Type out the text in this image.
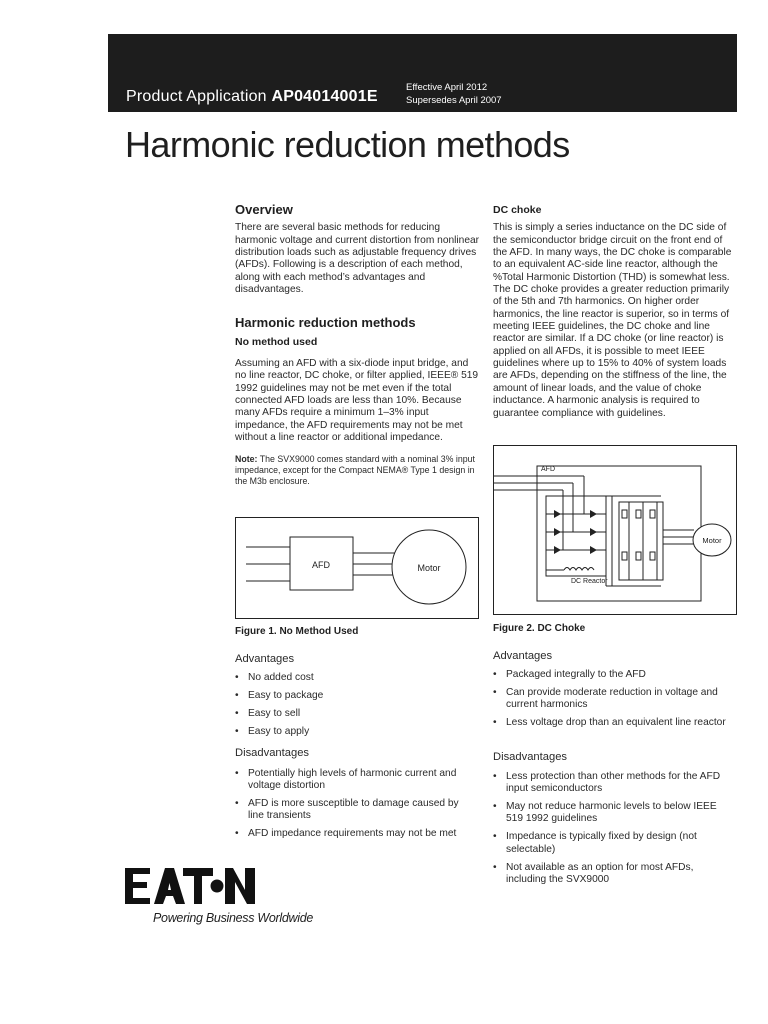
Product Application AP04014001E
Effective April 2012
Supersedes April 2007
Harmonic reduction methods
Overview

There are several basic methods for reducing harmonic voltage and current distortion from nonlinear distribution loads such as adjustable frequency drives (AFDs). Following is a description of each method, along with each method’s advantages and disadvantages.

Harmonic reduction methods
No method used

Assuming an AFD with a six-diode input bridge, and no line reactor, DC choke, or filter applied, IEEE® 519 1992 guidelines may not be met even if the total connected AFD loads are less than 10%. Because many AFDs require a minimum 1–3% input impedance, the AFD requirements may not be met without a line reactor or additional impedance.

Note: The SVX9000 comes standard with a nominal 3% input impedance, except for the Compact NEMA® Type 1 design in the M3b enclosure.

AFD	Motor
Figure 1. No Method Used
Advantages
• No added cost
• Easy to package
• Easy to sell
• Easy to apply
Disadvantages
• Potentially high levels of harmonic current and voltage distortion
• AFD is more susceptible to damage caused by line transients
• AFD impedance requirements may not be met
DC choke

This is simply a series inductance on the DC side of the semiconductor bridge circuit on the front end of the AFD. In many ways, the DC choke is comparable to an equivalent AC-side line reactor, although the %Total Harmonic Distortion (THD) is somewhat less. The DC choke provides a greater reduction primarily of the 5th and 7th harmonics. On higher order harmonics, the line reactor is superior, so in terms of meeting IEEE guidelines, the DC choke and line reactor are similar. If a DC choke (or line reactor) is applied on all AFDs, it is possible to meet IEEE guidelines where up to 15% to 40% of system loads are AFDs, depending on the stiffness of the line, the amount of linear loads, and the value of choke inductance. A harmonic analysis is required to guarantee compliance with guidelines.

AFD
Motor
DC Reactor
Figure 2. DC Choke
Advantages
• Packaged integrally to the AFD
• Can provide moderate reduction in voltage and current harmonics
• Less voltage drop than an equivalent line reactor
Disadvantages
• Less protection than other methods for the AFD input semiconductors
• May not reduce harmonic levels to below IEEE 519 1992 guidelines
• Impedance is typically fixed by design (not selectable)
• Not available as an option for most AFDs, including the SVX9000
Powering Business Worldwide
